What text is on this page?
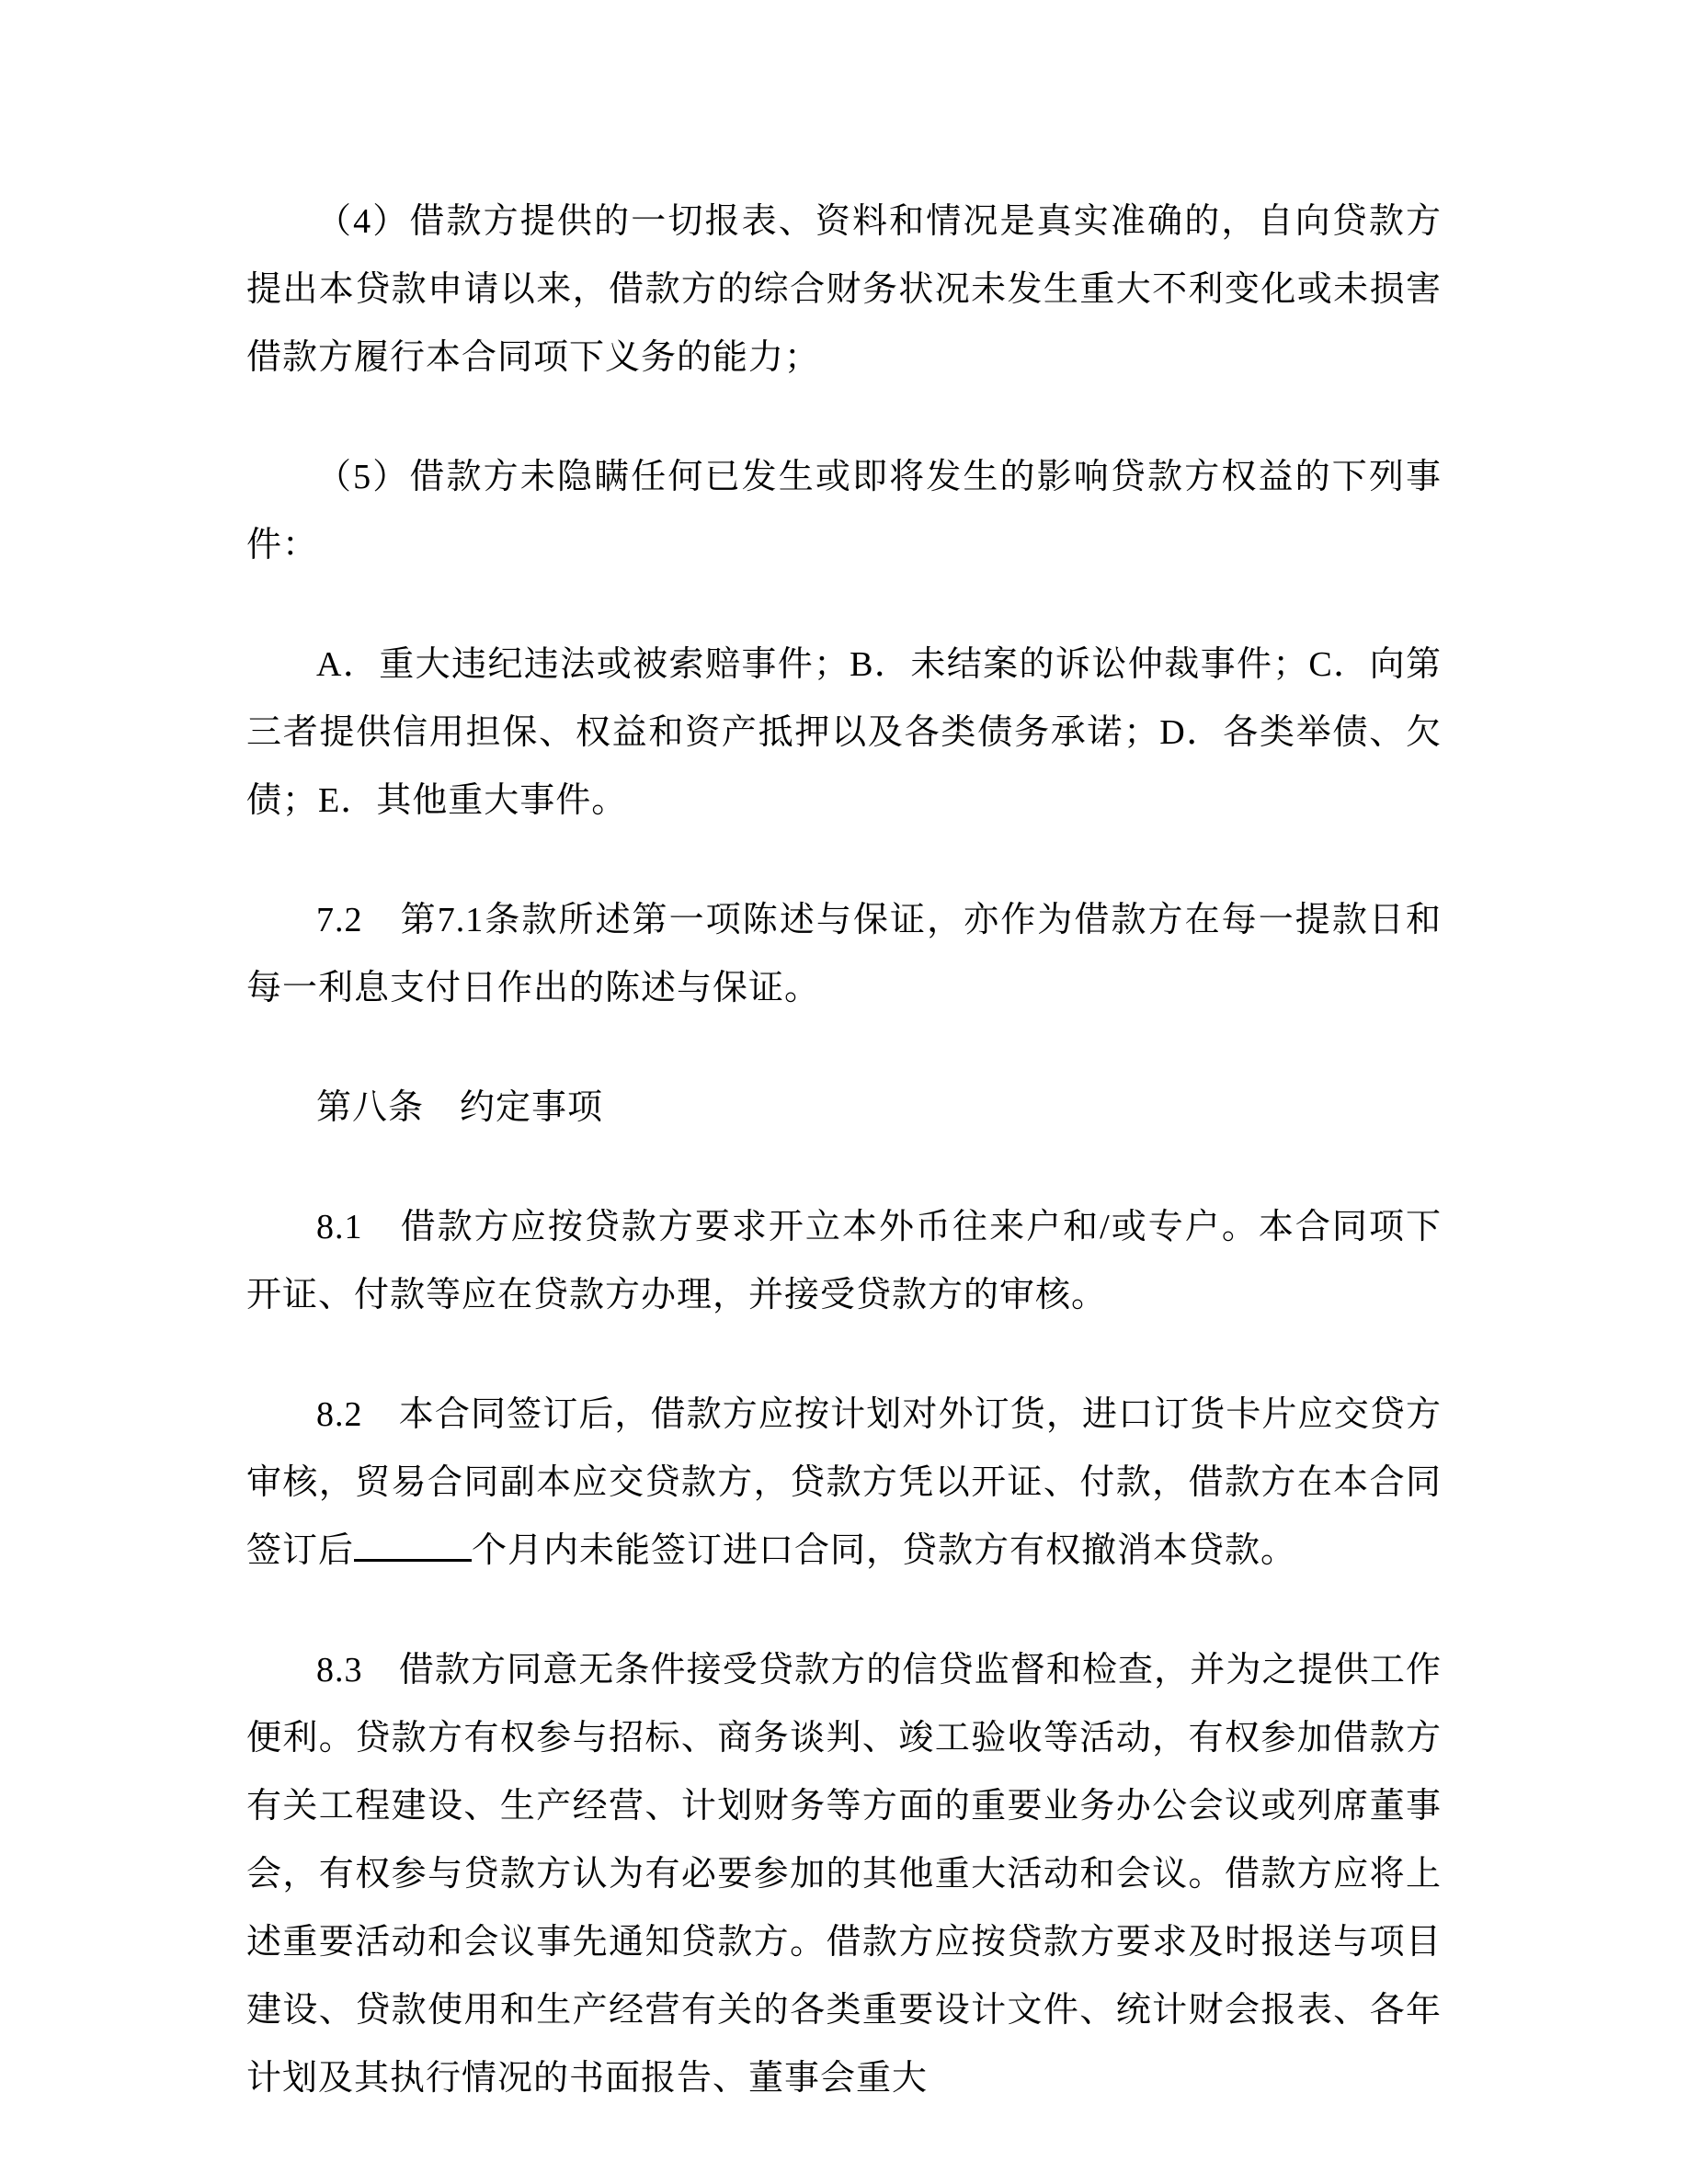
（4）借款方提供的一切报表、资料和情况是真实准确的，自向贷款方提出本贷款申请以来，借款方的综合财务状况未发生重大不利变化或未损害借款方履行本合同项下义务的能力；

（5）借款方未隐瞒任何已发生或即将发生的影响贷款方权益的下列事件：

A．重大违纪违法或被索赔事件；B．未结案的诉讼仲裁事件；C．向第三者提供信用担保、权益和资产抵押以及各类债务承诺；D．各类举债、欠债；E．其他重大事件。

7.2　第7.1条款所述第一项陈述与保证，亦作为借款方在每一提款日和每一利息支付日作出的陈述与保证。

第八条　约定事项

8.1　借款方应按贷款方要求开立本外币往来户和/或专户。本合同项下开证、付款等应在贷款方办理，并接受贷款方的审核。

8.2　本合同签订后，借款方应按计划对外订货，进口订货卡片应交贷方审核，贸易合同副本应交贷款方，贷款方凭以开证、付款，借款方在本合同签订后	个月内未能签订进口合同，贷款方有权撤消本贷款。

8.3　借款方同意无条件接受贷款方的信贷监督和检查，并为之提供工作便利。贷款方有权参与招标、商务谈判、竣工验收等活动，有权参加借款方有关工程建设、生产经营、计划财务等方面的重要业务办公会议或列席董事会，有权参与贷款方认为有必要参加的其他重大活动和会议。借款方应将上述重要活动和会议事先通知贷款方。借款方应按贷款方要求及时报送与项目建设、贷款使用和生产经营有关的各类重要设计文件、统计财会报表、各年计划及其执行情况的书面报告、董事会重大
